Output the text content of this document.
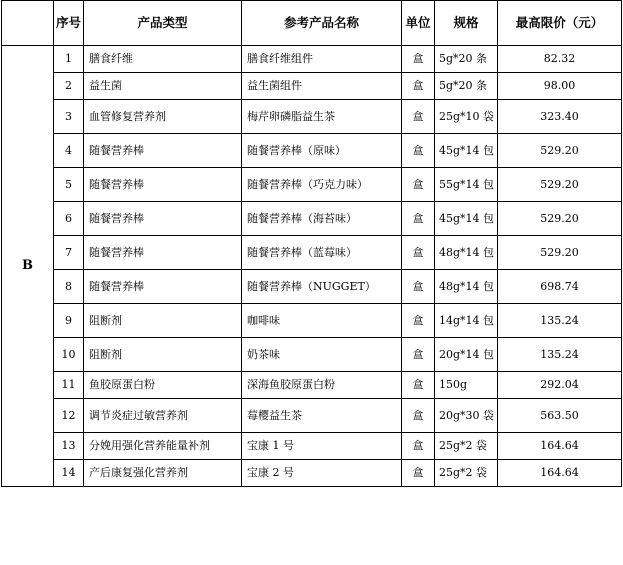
	序号	产品类型	参考产品名称	单位	规格	最高限价（元）
B	1	膳食纤维	膳食纤维组件	盒	5g*20 条	82.32
	2	益生菌	益生菌组件	盒	5g*20 条	98.00
	3	血管修复营养剂	梅芹卵磷脂益生茶	盒	25g*10 袋	323.40
	4	随餐营养棒	随餐营养棒（原味）	盒	45g*14 包	529.20
	5	随餐营养棒	随餐营养棒（巧克力味）	盒	55g*14 包	529.20
	6	随餐营养棒	随餐营养棒（海苔味）	盒	45g*14 包	529.20
	7	随餐营养棒	随餐营养棒（蓝莓味）	盒	48g*14 包	529.20
	8	随餐营养棒	随餐营养棒（NUGGET）	盒	48g*14 包	698.74
	9	阻断剂	咖啡味	盒	14g*14 包	135.24
	10	阻断剂	奶茶味	盒	20g*14 包	135.24
	11	鱼胶原蛋白粉	深海鱼胶原蛋白粉	盒	150g	292.04
	12	调节炎症过敏营养剂	莓樱益生茶	盒	20g*30 袋	563.50
	13	分娩用强化营养能量补剂	宝康 1 号	盒	25g*2 袋	164.64
	14	产后康复强化营养剂	宝康 2 号	盒	25g*2 袋	164.64
